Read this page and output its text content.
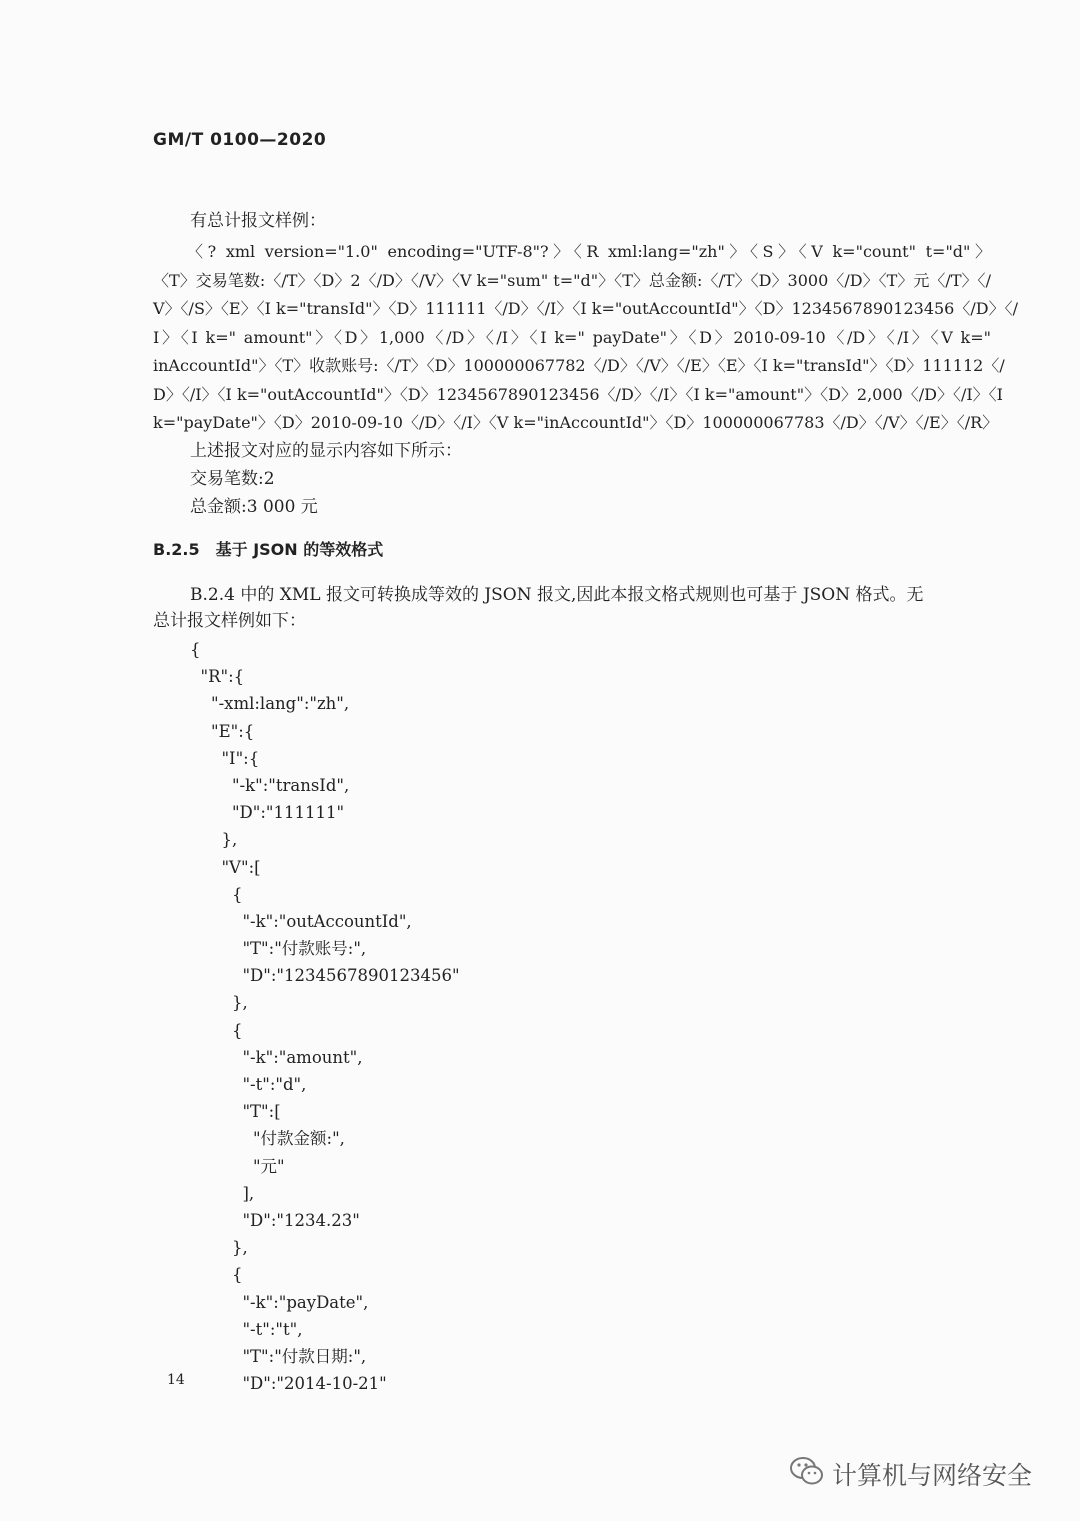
GM/T 0100—2020
有总计报文样例：
〈? xml version="1.0" encoding="UTF-8"?〉〈R xml:lang="zh"〉〈S〉〈V k="count" t="d"〉
〈T〉交易笔数:〈/T〉〈D〉2〈/D〉〈/V〉〈V k="sum" t="d"〉〈T〉总金额:〈/T〉〈D〉3000〈/D〉〈T〉元〈/T〉〈/
V〉〈/S〉〈E〉〈I k="transId"〉〈D〉111111〈/D〉〈/I〉〈I k="outAccountId"〉〈D〉1234567890123456〈/D〉〈/
I〉〈I k=" amount"〉〈D〉1,000〈/D〉〈/I〉〈I k=" payDate"〉〈D〉2010-09-10〈/D〉〈/I〉〈V k="
inAccountId"〉〈T〉收款账号:〈/T〉〈D〉100000067782〈/D〉〈/V〉〈/E〉〈E〉〈I k="transId"〉〈D〉111112〈/
D〉〈/I〉〈I k="outAccountId"〉〈D〉1234567890123456〈/D〉〈/I〉〈I k="amount"〉〈D〉2,000〈/D〉〈/I〉〈I
k="payDate"〉〈D〉2010-09-10〈/D〉〈/I〉〈V k="inAccountId"〉〈D〉100000067783〈/D〉〈/V〉〈/E〉〈/R〉
上述报文对应的显示内容如下所示：
交易笔数:2
总金额:3 000 元
B.2.5 基于 JSON 的等效格式
B.2.4 中的 XML 报文可转换成等效的 JSON 报文,因此本报文格式规则也可基于 JSON 格式。无
总计报文样例如下：
{
"R":{
"-xml:lang":"zh",
"E":{
"I":{
"-k":"transId",
"D":"111111"
},
"V":[
{
"-k":"outAccountId",
"T":"付款账号:",
"D":"1234567890123456"
},
{
"-k":"amount",
"-t":"d",
"T":[
"付款金额:",
"元"
],
"D":"1234.23"
},
{
"-k":"payDate",
"-t":"t",
"T":"付款日期:",
"D":"2014-10-21"
14
计算机与网络安全
